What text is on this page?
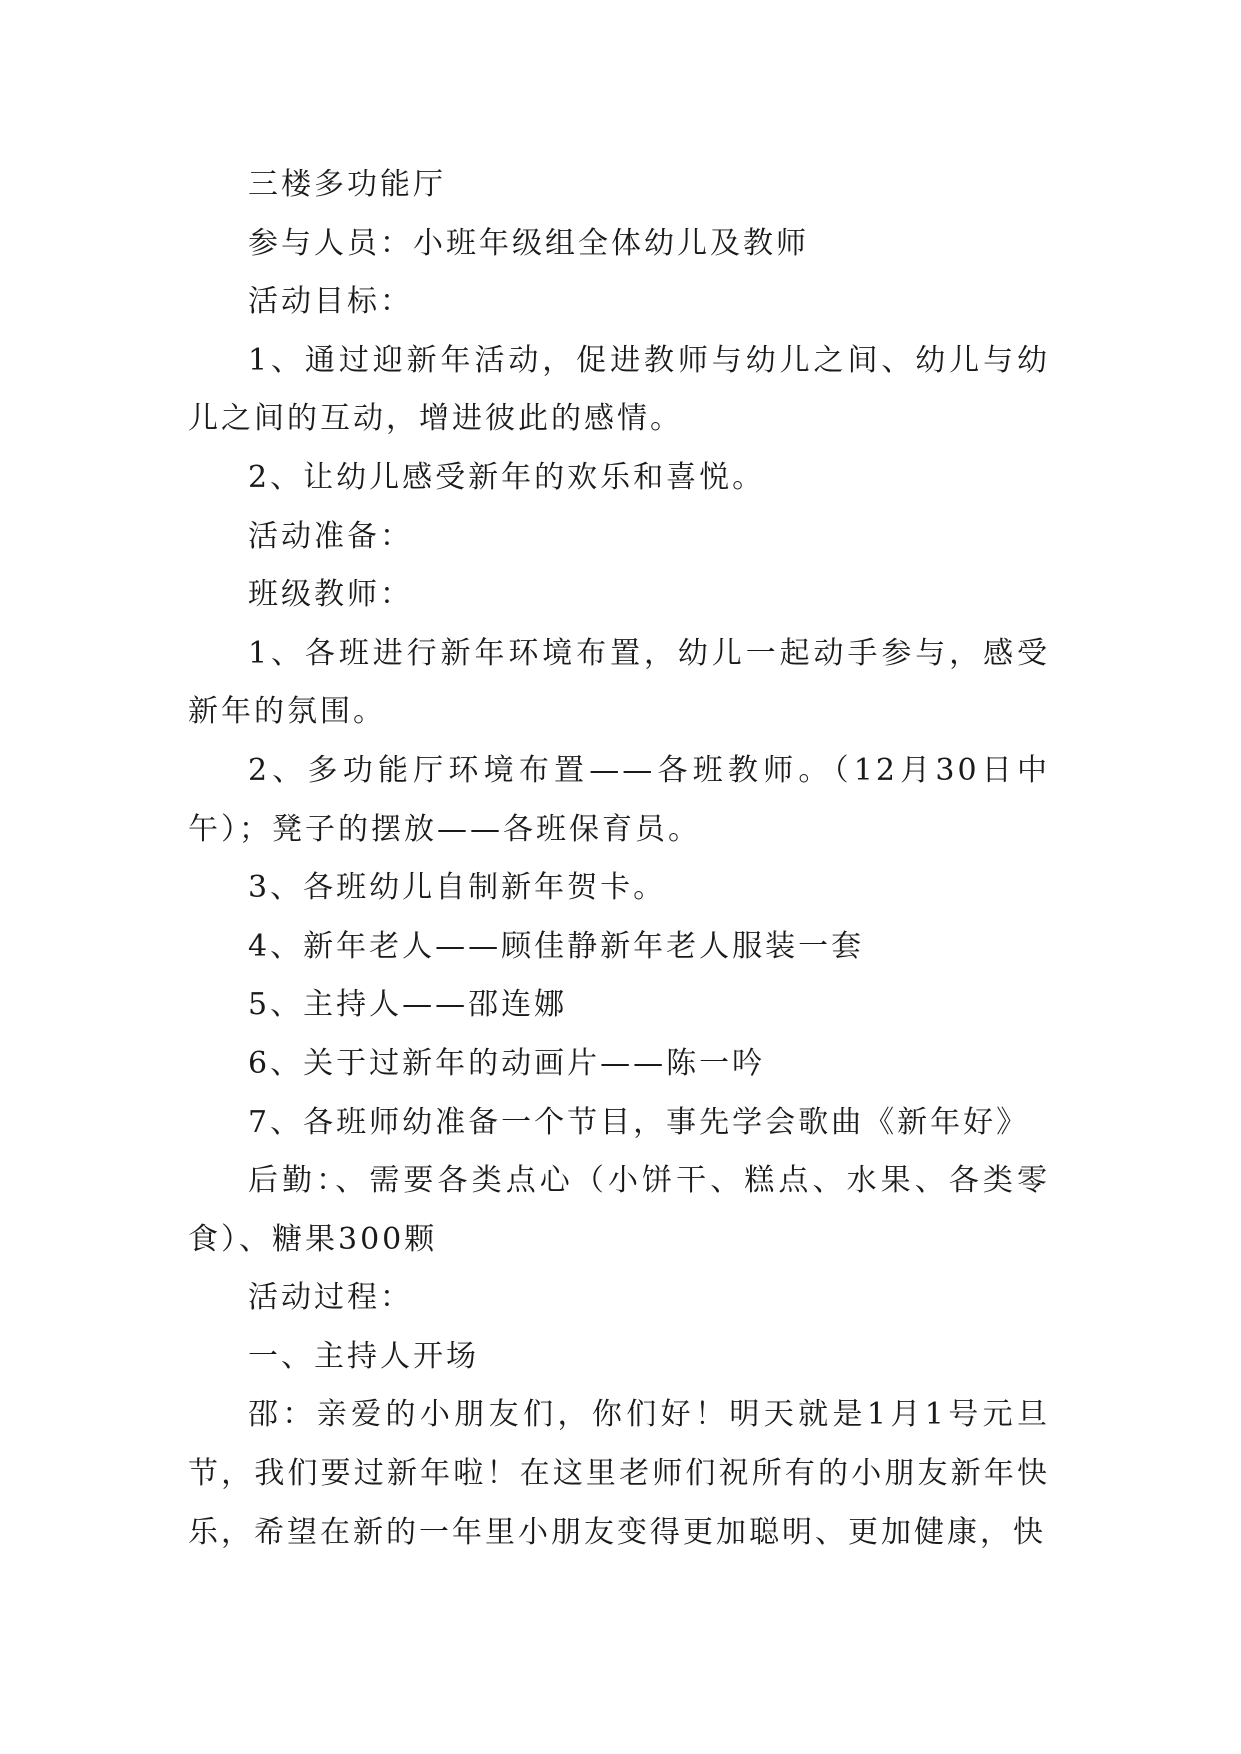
三楼多功能厅

参与人员：小班年级组全体幼儿及教师

活动目标：

1、通过迎新年活动，促进教师与幼儿之间、幼儿与幼儿之间的互动，增进彼此的感情。

2、让幼儿感受新年的欢乐和喜悦。

活动准备：

班级教师：

1、各班进行新年环境布置，幼儿一起动手参与，感受新年的氛围。

2、多功能厅环境布置——各班教师。（12月30日中午）；凳子的摆放——各班保育员。

3、各班幼儿自制新年贺卡。

4、新年老人——顾佳静新年老人服装一套

5、主持人——邵连娜

6、关于过新年的动画片——陈一吟

7、各班师幼准备一个节目，事先学会歌曲《新年好》

后勤：、需要各类点心（小饼干、糕点、水果、各类零食）、糖果300颗

活动过程：

一、主持人开场

邵：亲爱的小朋友们，你们好！明天就是1月1号元旦节，我们要过新年啦！在这里老师们祝所有的小朋友新年快乐，希望在新的一年里小朋友变得更加聪明、更加健康，快
